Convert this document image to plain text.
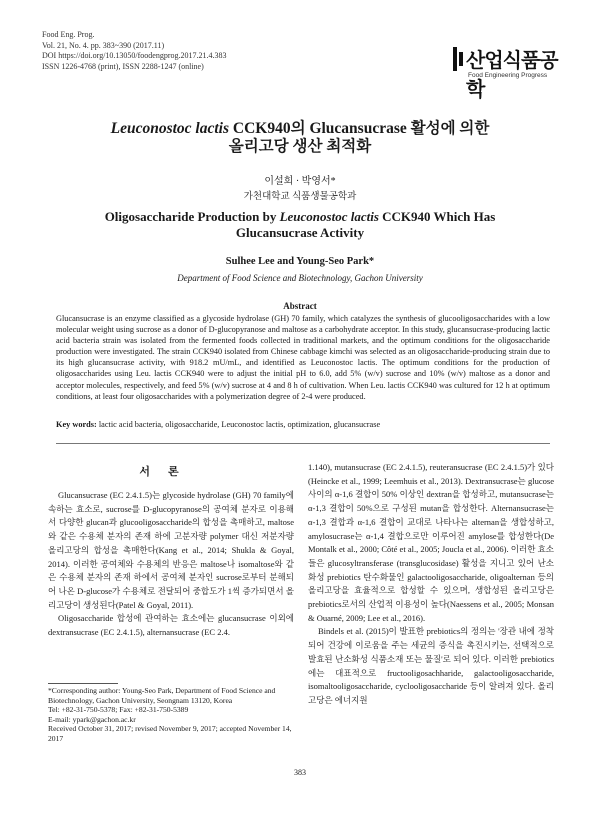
Food Eng. Prog.
Vol. 21, No. 4. pp. 383~390 (2017.11)
DOI https://doi.org/10.13050/foodengprog.2017.21.4.383
ISSN 1226-4768 (print), ISSN 2288-1247 (online)	산업식품공학
Food Engineering Progress
Leuconostoc lactis CCK940의 Glucansucrase 활성에 의한
올리고당 생산 최적화
이설희 · 박영서*
가천대학교 식품생물공학과
Oligosaccharide Production by Leuconostoc lactis CCK940 Which Has
Glucansucrase Activity
Sulhee Lee and Young-Seo Park*
Department of Food Science and Biotechnology, Gachon University
Abstract
Glucansucrase is an enzyme classified as a glycoside hydrolase (GH) 70 family, which catalyzes the synthesis of glucooligosaccharides with a low molecular weight using sucrose as a donor of D-glucopyranose and maltose as a carbohydrate acceptor. In this study, glucansucrase-producing lactic acid bacteria strain was isolated from the fermented foods collected in traditional markets, and the optimum conditions for the oligosaccharide production were investigated. The strain CCK940 isolated from Chinese cabbage kimchi was selected as an oligosaccharide-producing strain due to its high glucansucrase activity, with 918.2 mU/mL, and identified as Leuconostoc lactis. The optimum conditions for the production of oligosaccharides using Leu. lactis CCK940 were to adjust the initial pH to 6.0, add 5% (w/v) sucrose and 10% (w/v) maltose as a donor and acceptor molecules, respectively, and feed 5% (w/v) sucrose at 4 and 8 h of cultivation. When Leu. lactis CCK940 was cultured for 12 h at optimum conditions, at least four oligosaccharides with a polymerization degree of 2-4 were produced.
Key words: lactic acid bacteria, oligosaccharide, Leuconostoc lactis, optimization, glucansucrase
서론

Glucansucrase (EC 2.4.1.5)는 glycoside hydrolase (GH) 70 family에 속하는 효소로, sucrose를 D-glucopyranose의 공여체 분자로 이용해서 다양한 glucan과 glucooligosaccharide의 합성을 촉매하고, maltose와 같은 수용체 분자의 존재 하에 고분자량 polymer 대신 저분자량 올리고당의 합성을 촉매한다(Kang et al., 2014; Shukla & Goyal, 2014). 이러한 공여체와 수용체의 반응은 maltose나 isomaltose와 같은 수용체 분자의 존재 하에서 공여체 분자인 sucrose로부터 분해되어 나온 D-glucose가 수용체로 전달되어 중합도가 1씩 증가되면서 올리고당이 생성된다(Patel & Goyal, 2011).

Oligosaccharide 합성에 관여하는 효소에는 glucansucrase 이외에 dextransucrase (EC 2.4.1.5), alternansucrase (EC 2.4.

1.140), mutansucrase (EC 2.4.1.5), reuteransucrase (EC 2.4.1.5)가 있다(Heincke et al., 1999; Leemhuis et al., 2013). Dextransucrase는 glucose 사이의 α-1,6 결합이 50% 이상인 dextran을 합성하고, mutansucrase는 α-1,3 결합이 50%으로 구성된 mutan을 합성한다. Alternansucrase는 α-1,3 결합과 α-1,6 결합이 교대로 나타나는 alternan을 생합성하고, amylosucrase는 α-1,4 결합으로만 이루어진 amylose를 합성한다(De Montalk et al., 2000; Côté et al., 2005; Joucla et al., 2006). 이러한 효소들은 glucosyltransferase (transglucosidase) 활성을 지니고 있어 난소화성 prebiotics 탄수화물인 galactooligosaccharide, oligoalternan 등의 올리고당을 효율적으로 합성할 수 있으며, 생합성된 올리고당은 prebiotics로서의 산업적 이용성이 높다(Naessens et al., 2005; Monsan & Ouarné, 2009; Lee et al., 2016).

Bindels et al. (2015)이 발표한 prebiotics의 정의는 '장관 내에 정착되어 건강에 이로움을 주는 세균의 증식을 촉진시키는, 선택적으로 발효된 난소화성 식품소재 또는 물질'로 되어 있다. 이러한 prebiotics에는 대표적으로 fructooligosachharide, galactooligosaccharide, isomaltooligosaccharide, cyclooligosaccharide 등이 알려져 있다. 올리고당은 에너지원

*Corresponding author: Young-Seo Park, Department of Food Science and Biotechnology, Gachon University, Seongnam 13120, Korea
Tel: +82-31-750-5378; Fax: +82-31-750-5389
E-mail: ypark@gachon.ac.kr
Received October 31, 2017; revised November 9, 2017; accepted November 14, 2017
383
